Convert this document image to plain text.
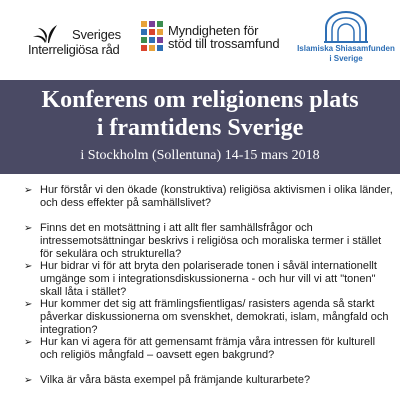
Sveriges
Interreligiösa råd
Myndigheten för
stöd till trossamfund	Islamiska Shiasamfunden
i Sverige
Konferens om religionens plats
i framtidens Sverige
i Stockholm (Sollentuna) 14-15 mars 2018
➢ Hur förstår vi den ökade (konstruktiva) religiösa aktivismen i olika länder, och dess effekter på samhällslivet?
➢ Finns det en motsättning i att allt fler samhällsfrågor och intressemotsättningar beskrivs i religiösa och moraliska termer i stället för sekulära och strukturella?
➢ Hur bidrar vi för att bryta den polariserade tonen i såväl internationellt umgänge som i integrationsdiskussionerna - och hur vill vi att "tonen" skall låta i stället?
➢ Hur kommer det sig att främlingsfientligas/ rasisters agenda så starkt påverkar diskussionerna om svenskhet, demokrati, islam, mångfald och integration?
➢ Hur kan vi agera för att gemensamt främja våra intressen för kulturell och religiös mångfald – oavsett egen bakgrund?
➢ Vilka är våra bästa exempel på främjande kulturarbete?
